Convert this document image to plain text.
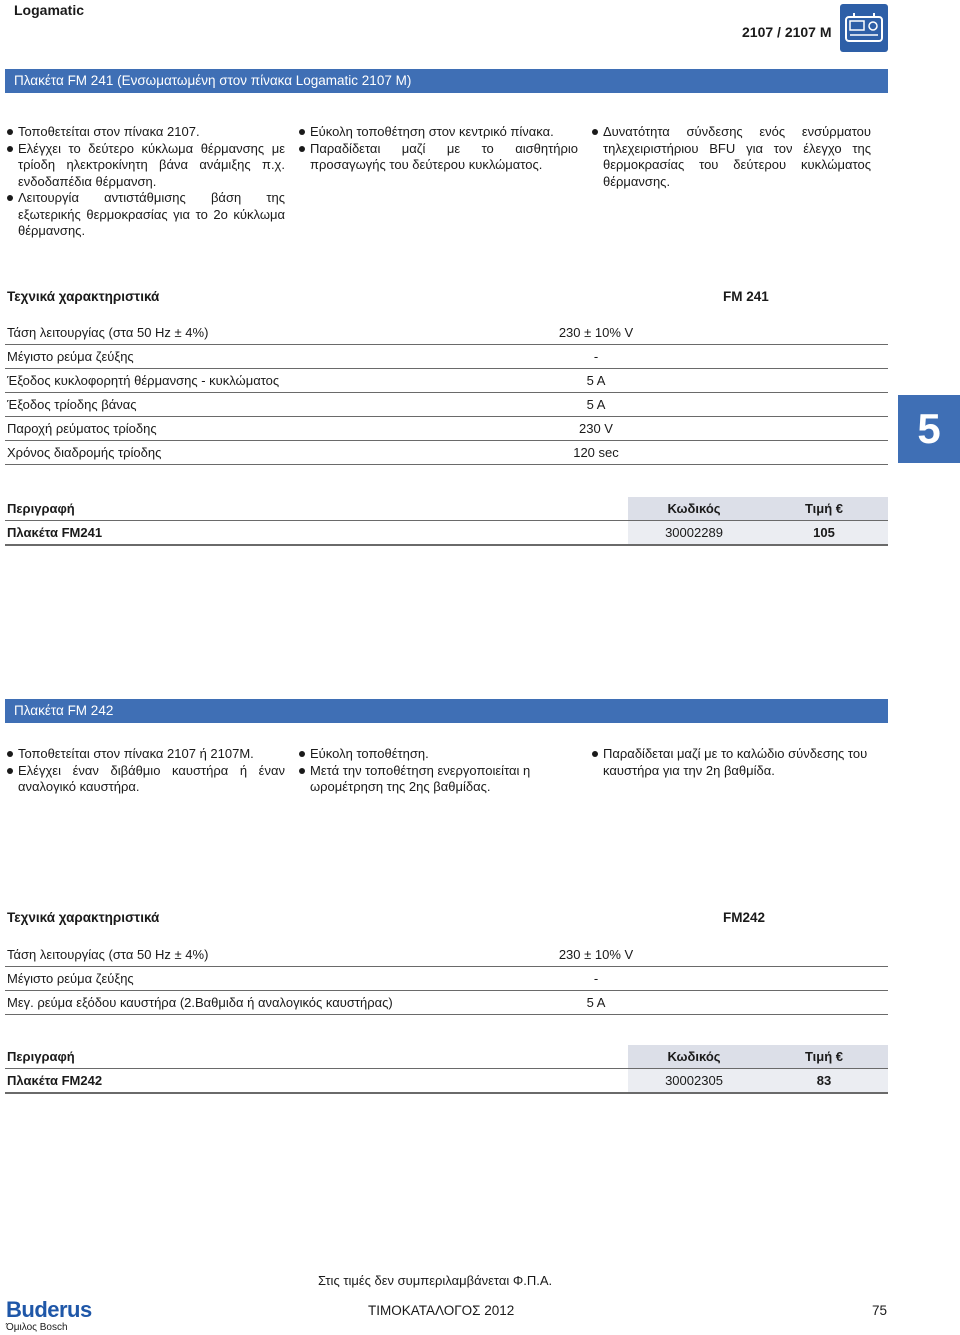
Logamatic
2107 / 2107 M
Πλακέτα FM 241 (Ενσωματωμένη στον πίνακα Logamatic 2107 M)
Τοποθετείται στον πίνακα 2107.
Ελέγχει το δεύτερο κύκλωμα θέρμανσης με τρίοδη ηλεκτροκίνητη βάνα ανάμιξης π.χ. ενδοδαπέδια θέρμανση.
Λειτουργία αντιστάθμισης βάση της εξωτερικής θερμοκρασίας για το 2ο κύκλωμα θέρμανσης.
Εύκολη τοποθέτηση στον κεντρικό πίνακα.
Παραδίδεται μαζί με το αισθητήριο προσαγωγής του δεύτερου κυκλώματος.
Δυνατότητα σύνδεσης ενός ενσύρματου τηλεχειριστήριου BFU για τον έλεγχο της θερμοκρασίας του δεύτερου κυκλώματος θέρμανσης.
Τεχνικά χαρακτηριστικά	FM 241
Τάση λειτουργίας (στα 50 Hz ± 4%)	230 ± 10% V	
Μέγιστο ρεύμα ζεύξης	-	
Έξοδος κυκλοφορητή θέρμανσης - κυκλώματος	5 A	
Έξοδος τρίοδης βάνας	5 A	
Παροχή ρεύματος τρίοδης	230 V	
Χρόνος διαδρομής τρίοδης	120 sec	
5
Περιγραφή	Κωδικός	Τιμή €
Πλακέτα FM241	30002289	105
Πλακέτα FM 242
Τοποθετείται στον πίνακα 2107 ή 2107M.
Ελέγχει έναν διβάθμιο καυστήρα ή έναν αναλογικό καυστήρα.
Εύκολη τοποθέτηση.
Μετά την τοποθέτηση ενεργοποιείται η ωρομέτρηση της 2ης βαθμίδας.
Παραδίδεται μαζί με το καλώδιο σύνδεσης του καυστήρα για την 2η βαθμίδα.
Τεχνικά χαρακτηριστικά	FM242
Τάση λειτουργίας (στα 50 Hz ± 4%)	230 ± 10% V	
Μέγιστο ρεύμα ζεύξης	-	
Μεγ. ρεύμα εξόδου καυστήρα (2.Βαθμιδα ή αναλογικός καυστήρας)	5 A	
Περιγραφή	Κωδικός	Τιμή €
Πλακέτα FM242	30002305	83
Στις τιμές δεν συμπεριλαμβάνεται Φ.Π.Α.
Buderus
Όμιλος Bosch
ΤΙΜΟΚΑΤΑΛΟΓΟΣ 2012	75
